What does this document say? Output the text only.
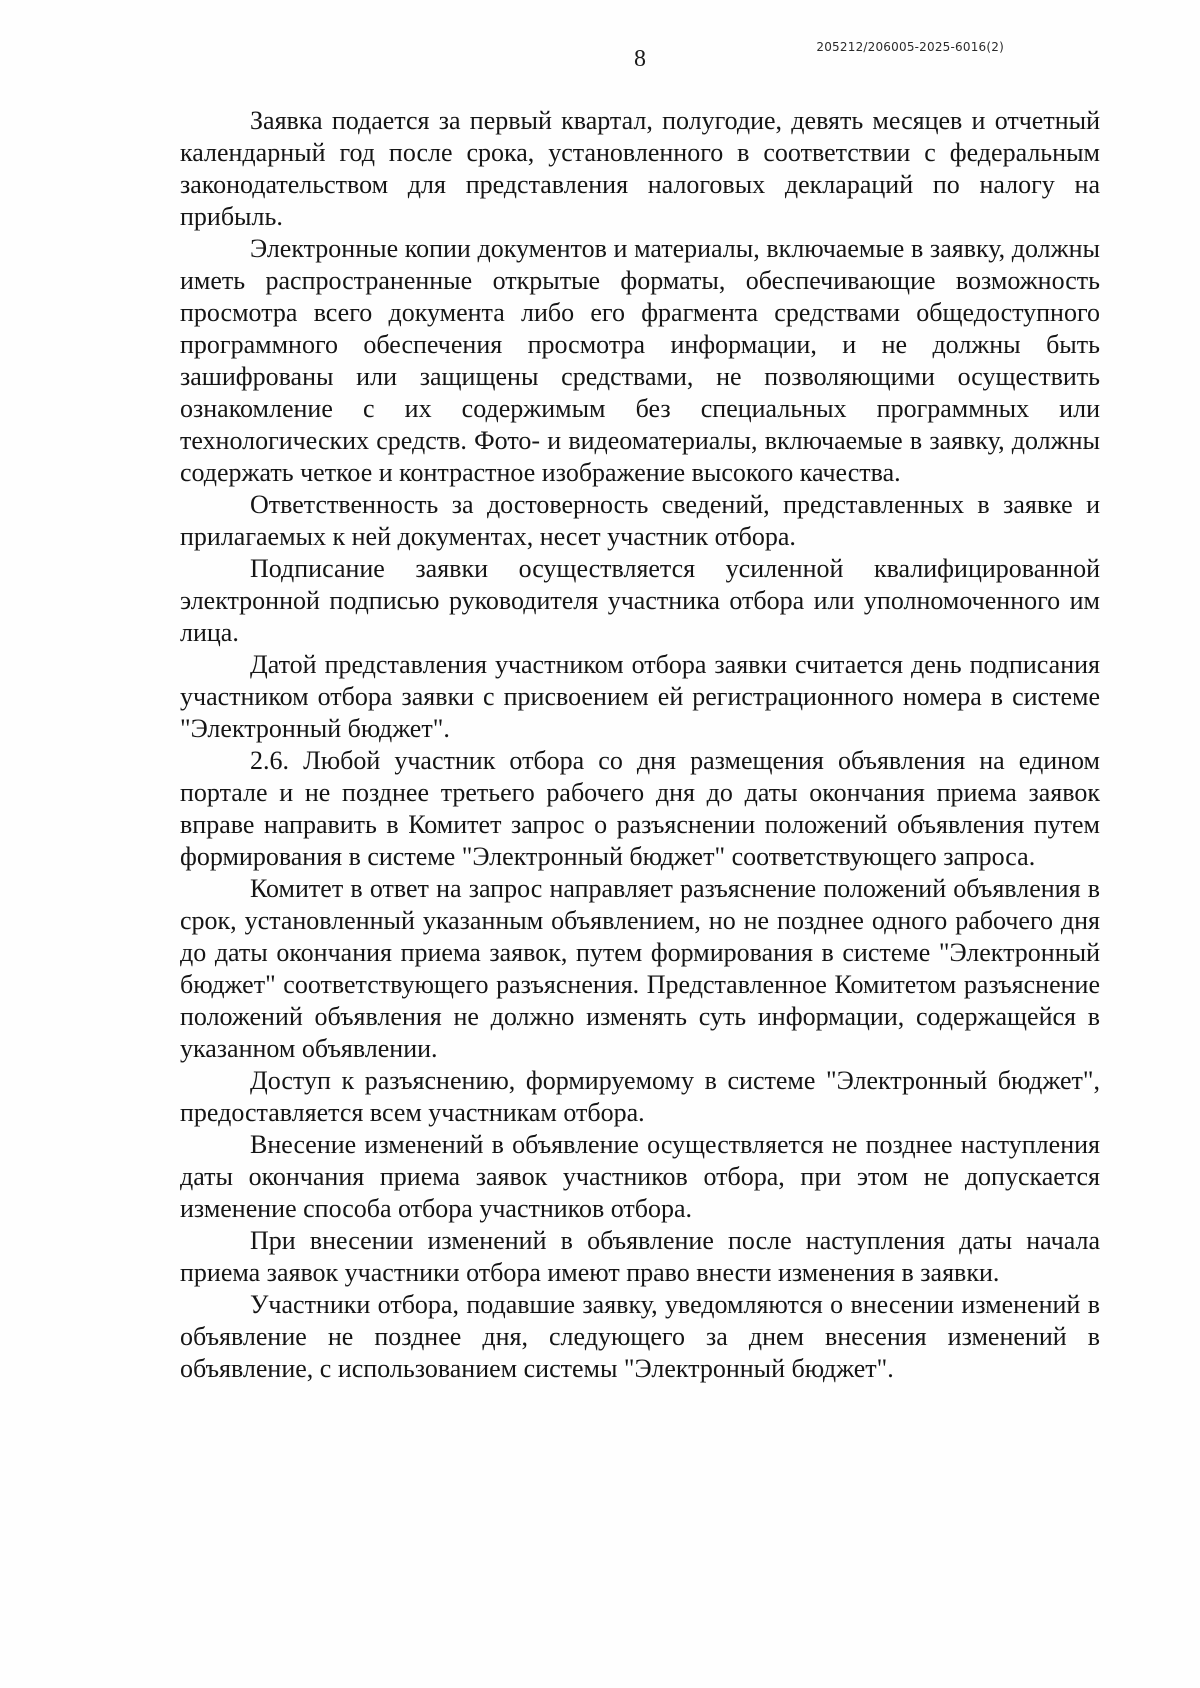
205212/206005-2025-6016(2)
8

Заявка подается за первый квартал, полугодие, девять месяцев и отчетный календарный год после срока, установленного в соответствии с федеральным законодательством для представления налоговых деклараций по налогу на прибыль.

Электронные копии документов и материалы, включаемые в заявку, должны иметь распространенные открытые форматы, обеспечивающие возможность просмотра всего документа либо его фрагмента средствами общедоступного программного обеспечения просмотра информации, и не должны быть зашифрованы или защищены средствами, не позволяющими осуществить ознакомление с их содержимым без специальных программных или технологических средств. Фото- и видеоматериалы, включаемые в заявку, должны содержать четкое и контрастное изображение высокого качества.

Ответственность за достоверность сведений, представленных в заявке и прилагаемых к ней документах, несет участник отбора.

Подписание заявки осуществляется усиленной квалифицированной электронной подписью руководителя участника отбора или уполномоченного им лица.

Датой представления участником отбора заявки считается день подписания участником отбора заявки с присвоением ей регистрационного номера в системе "Электронный бюджет".

2.6. Любой участник отбора со дня размещения объявления на едином портале и не позднее третьего рабочего дня до даты окончания приема заявок вправе направить в Комитет запрос о разъяснении положений объявления путем формирования в системе "Электронный бюджет" соответствующего запроса.

Комитет в ответ на запрос направляет разъяснение положений объявления в срок, установленный указанным объявлением, но не позднее одного рабочего дня до даты окончания приема заявок, путем формирования в системе "Электронный бюджет" соответствующего разъяснения. Представленное Комитетом разъяснение положений объявления не должно изменять суть информации, содержащейся в указанном объявлении.

Доступ к разъяснению, формируемому в системе "Электронный бюджет", предоставляется всем участникам отбора.

Внесение изменений в объявление осуществляется не позднее наступления даты окончания приема заявок участников отбора, при этом не допускается изменение способа отбора участников отбора.

При внесении изменений в объявление после наступления даты начала приема заявок участники отбора имеют право внести изменения в заявки.

Участники отбора, подавшие заявку, уведомляются о внесении изменений в объявление не позднее дня, следующего за днем внесения изменений в объявление, с использованием системы "Электронный бюджет".
